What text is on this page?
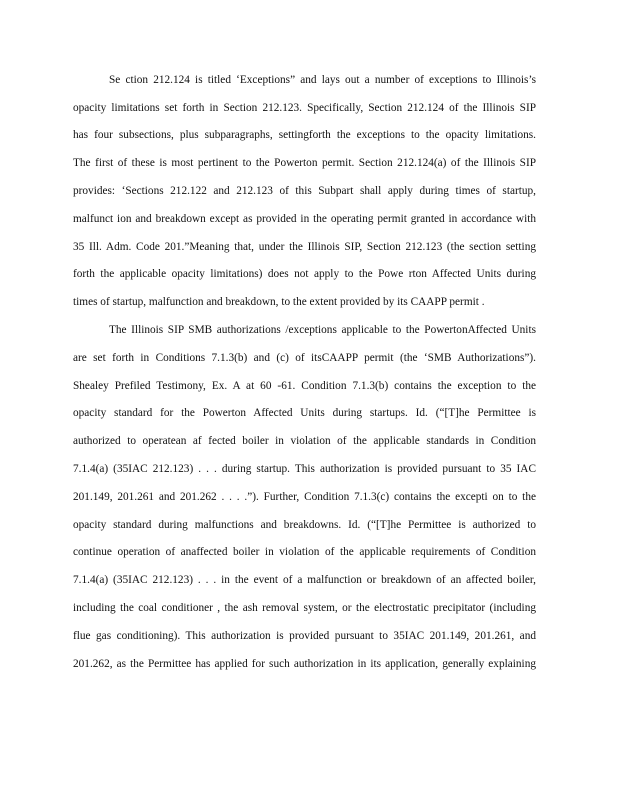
Se ction 212.124 is titled ‘Exceptions” and lays out a number of exceptions to Illinois’s
opacity limitations set forth in Section 212.123. Specifically, Section 212.124 of the Illinois SIP
has four subsections, plus subparagraphs, settingforth the exceptions to the opacity limitations.
The first of these is most pertinent to the Powerton permit. Section 212.124(a) of the Illinois SIP
provides: ‘Sections 212.122 and 212.123 of this Subpart shall apply during times of startup,
malfunct ion and breakdown except as provided in the operating permit granted in accordance with
35 Ill. Adm. Code 201.”Meaning that, under the Illinois SIP, Section 212.123 (the section setting
forth the applicable opacity limitations) does not apply to the Powe rton Affected Units during
times of startup, malfunction and breakdown, to the extent provided by its CAAPP permit .
The Illinois SIP SMB authorizations /exceptions applicable to the PowertonAffected Units
are set forth in Conditions 7.1.3(b) and (c) of itsCAAPP permit (the ‘SMB Authorizations”).
Shealey Prefiled Testimony, Ex. A at 60 -61. Condition 7.1.3(b) contains the exception to the
opacity standard for the Powerton Affected Units during startups. Id. (“[T]he Permittee is
authorized to operatean af fected boiler in violation of the applicable standards in Condition
7.1.4(a) (35IAC 212.123) . . . during startup. This authorization is provided pursuant to 35 IAC
201.149, 201.261 and 201.262 . . . .”). Further, Condition 7.1.3(c) contains the excepti on to the
opacity standard during malfunctions and breakdowns. Id. (“[T]he Permittee is authorized to
continue operation of anaffected boiler in violation of the applicable requirements of Condition
7.1.4(a) (35IAC 212.123) . . . in the event of a malfunction or breakdown of an affected boiler,
including the coal conditioner , the ash removal system, or the electrostatic precipitator (including
flue gas conditioning). This authorization is provided pursuant to 35IAC 201.149, 201.261, and
201.262, as the Permittee has applied for such authorization in its application, generally explaining
